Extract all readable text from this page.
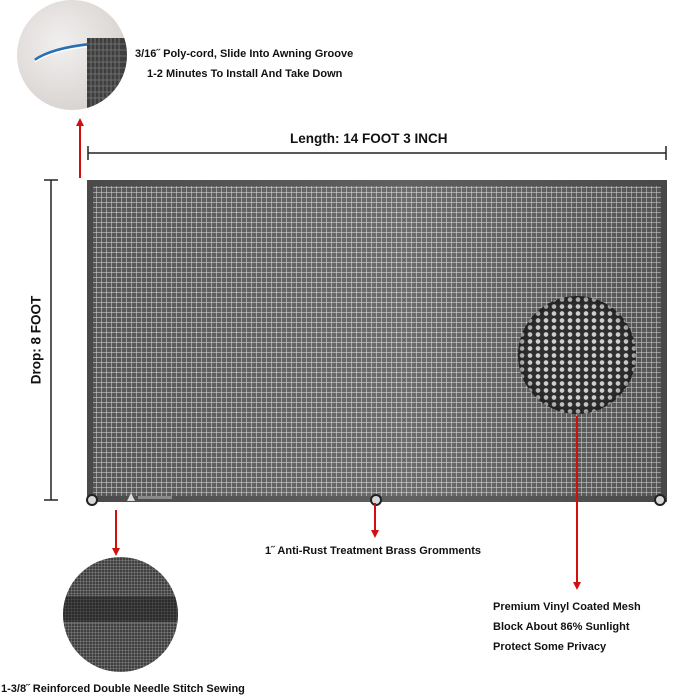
3/16˝ Poly-cord, Slide Into Awning Groove
1-2 Minutes To Install And Take Down
Length: 14 FOOT 3 INCH
Drop: 8 FOOT
1˝ Anti-Rust Treatment Brass Gromments
Premium Vinyl Coated Mesh
Block About 86% Sunlight
Protect Some Privacy
1-3/8˝ Reinforced Double Needle Stitch Sewing
